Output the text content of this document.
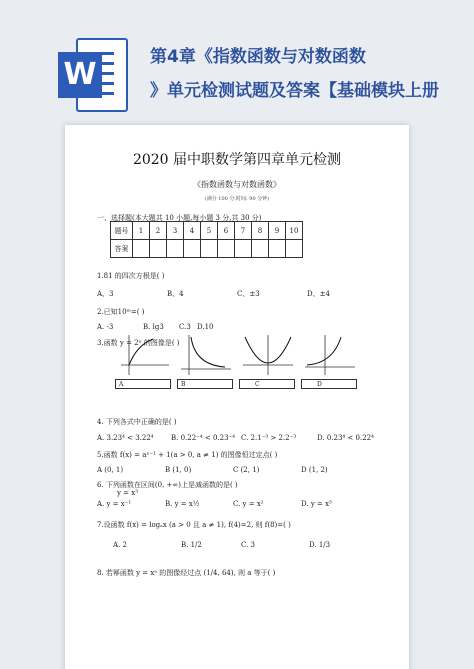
W	第4章《指数函数与对数函数
》单元检测试题及答案【基础模块上册
2020 届中职数学第四章单元检测
《指数函数与对数函数》
(满分 100 分,时间: 90 分钟)
一、选择题(本大题共 10 小题,每小题 3 分,共 30 分)
题号	1	2	3	4	5	6	7	8	9	10
答案										
1.81 的四次方根是( )
A、3	B、4	C、±3	D、±4
2.已知10ᵐ=( )
A. -3	B. lg3 C.3 D.10
3.函数 y = 2ˣ 的图像是( )
A	B	C	D
4. 下列各式中正确的是( )
A. 3.23⁴ < 3.22⁴ B. 0.22⁻⁴ < 0.23⁻⁴ C. 2.1⁻³ > 2.2⁻³	D. 0.23⁴ < 0.22⁴
5.函数 f(x) = aˣ⁻¹ + 1(a > 0, a ≠ 1) 的图像恒过定点( )
A (0, 1)	B (1, 0)	C (2, 1)	D (1, 2)
6. 下列函数在区间(0, +∞)上是减函数的是( )
y = x³
A. y = x⁻¹	B. y = x½	C. y = x²	D. y = x³
7.设函数 f(x) = logₐx (a > 0 且 a ≠ 1), f(4)=2, 则 f(8)=( )
A. 2	B. 1/2	C. 3	D. 1/3
8. 若幂函数 y = xᵃ 的图像经过点 (1/4, 64), 则 a 等于( )
